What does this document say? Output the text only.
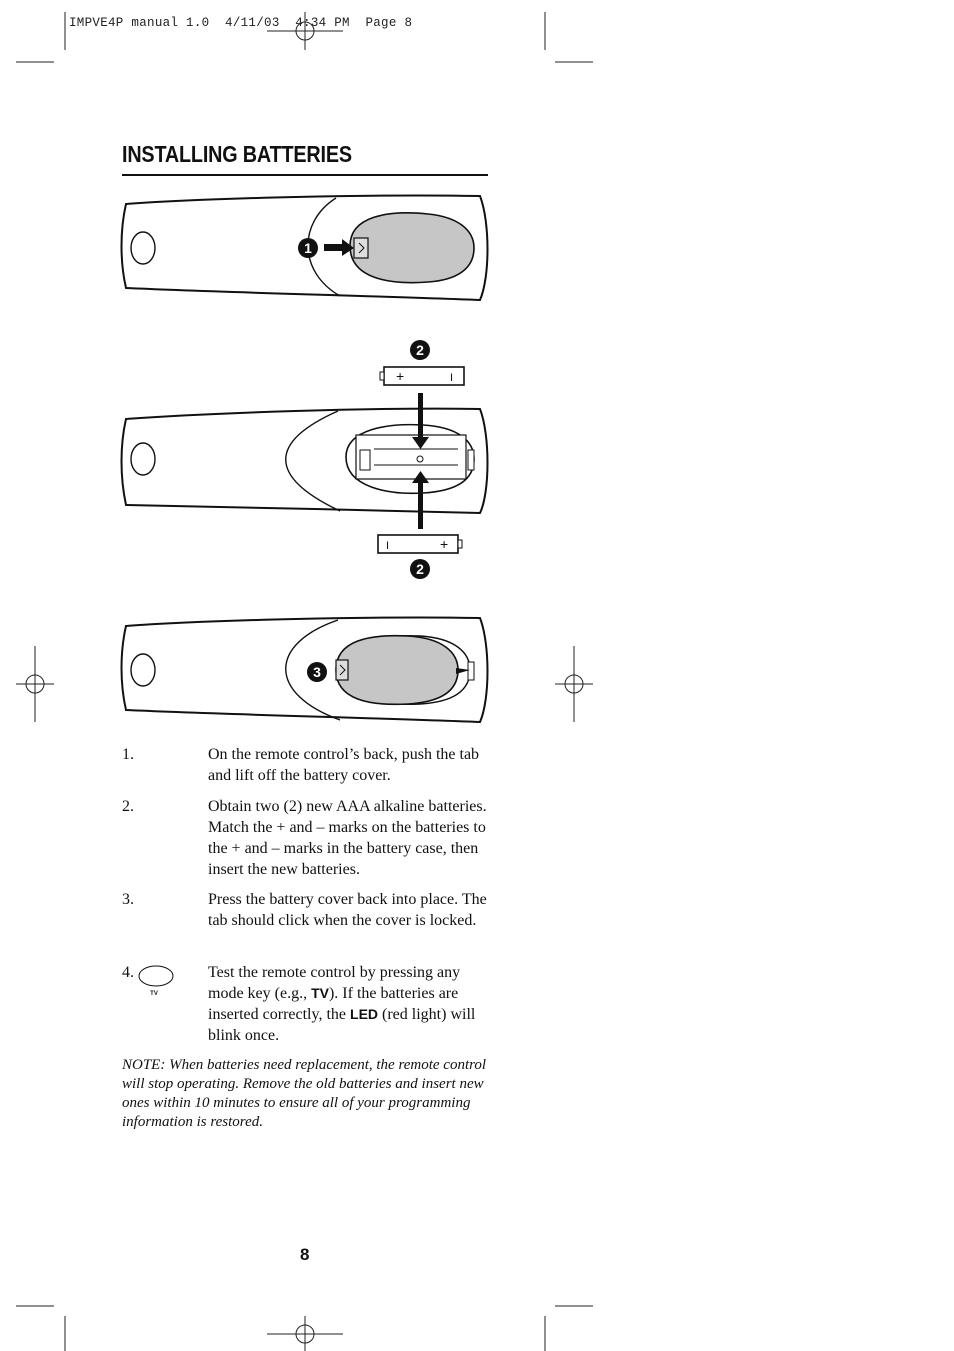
IMPVE4P manual 1.0  4/11/03  4:34 PM  Page 8
INSTALLING BATTERIES
1
2
+	I
I	+
2
3
1.	On the remote control’s back, push the tab and lift off the battery cover.
2.	Obtain two (2) new AAA alkaline batteries. Match the + and – marks on the batteries to the + and – marks in the battery case, then insert the new batteries.
3.	Press the battery cover back into place. The tab should click when the cover is locked.
4.
TV
Test the remote control by pressing any mode key (e.g., TV). If the batteries are inserted correctly, the LED (red light) will blink once.
NOTE: When batteries need replacement, the remote control will stop operating. Remove the old batteries and insert new ones within 10 minutes to ensure all of your programming information is restored.
8
